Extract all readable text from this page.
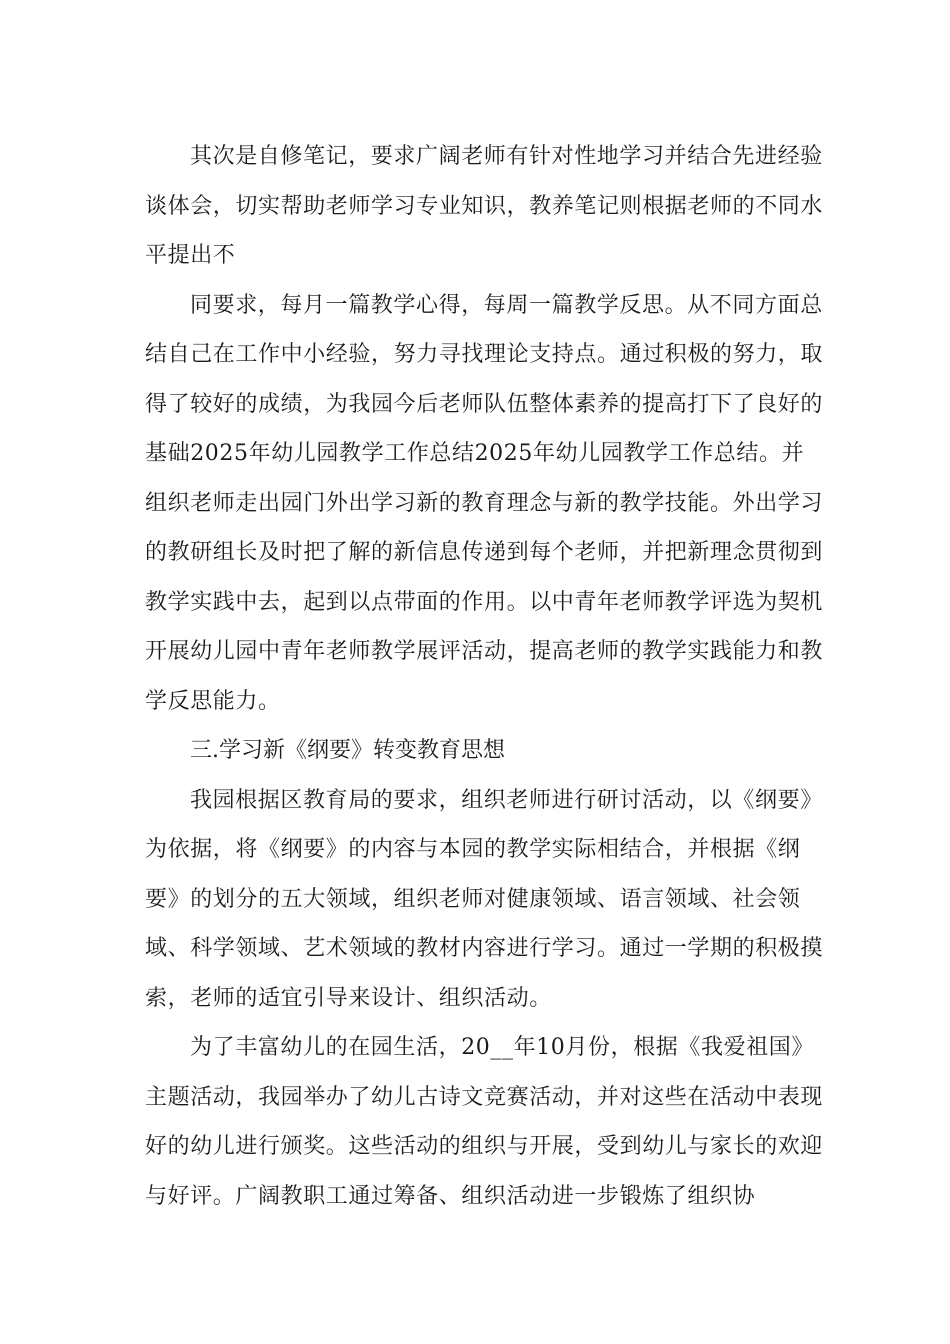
其次是自修笔记，要求广阔老师有针对性地学习并结合先进经验谈体会，切实帮助老师学习专业知识，教养笔记则根据老师的不同水平提出不

同要求，每月一篇教学心得，每周一篇教学反思。从不同方面总结自己在工作中小经验，努力寻找理论支持点。通过积极的努力，取得了较好的成绩，为我园今后老师队伍整体素养的提高打下了良好的基础2025年幼儿园教学工作总结2025年幼儿园教学工作总结。并组织老师走出园门外出学习新的教育理念与新的教学技能。外出学习的教研组长及时把了解的新信息传递到每个老师，并把新理念贯彻到教学实践中去，起到以点带面的作用。以中青年老师教学评选为契机开展幼儿园中青年老师教学展评活动，提高老师的教学实践能力和教学反思能力。

三.学习新《纲要》转变教育思想

我园根据区教育局的要求，组织老师进行研讨活动，以《纲要》为依据，将《纲要》的内容与本园的教学实际相结合，并根据《纲要》的划分的五大领域，组织老师对健康领域、语言领域、社会领域、科学领域、艺术领域的教材内容进行学习。通过一学期的积极摸索，老师的适宜引导来设计、组织活动。

为了丰富幼儿的在园生活，20__年10月份，根据《我爱祖国》主题活动，我园举办了幼儿古诗文竞赛活动，并对这些在活动中表现好的幼儿进行颁奖。这些活动的组织与开展，受到幼儿与家长的欢迎与好评。广阔教职工通过筹备、组织活动进一步锻炼了组织协
